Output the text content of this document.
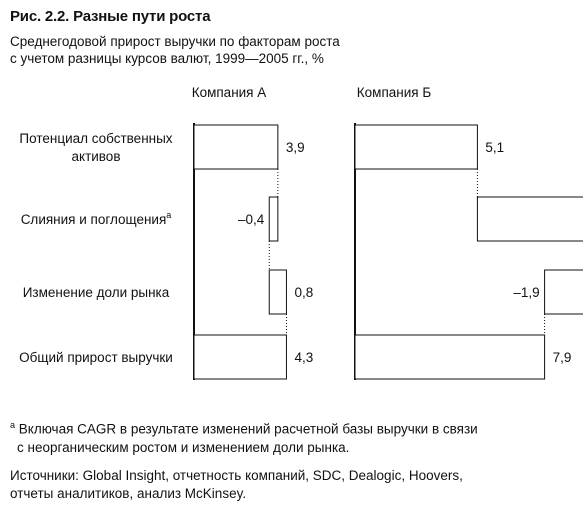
Рис. 2.2. Разные пути роста
Среднегодовой прирост выручки по факторам роста
с учетом разницы курсов валют, 1999—2005 гг., %
Потенциал собственных
активов
Слияния и поглощения$^a$
Изменение доли рынка
Общий прирост выручки
Компания А
3,9
–0,4
0,8
4,3
Компания Б
5,1
–1,9
7,9
$^a$ Включая CAGR в результате изменений расчетной базы выручки в связи
с неорганическим ростом и изменением доли рынка.
Источники: Global Insight, отчетность компаний, SDC, Dealogic, Hoovers,
отчеты аналитиков, анализ McKinsey.
